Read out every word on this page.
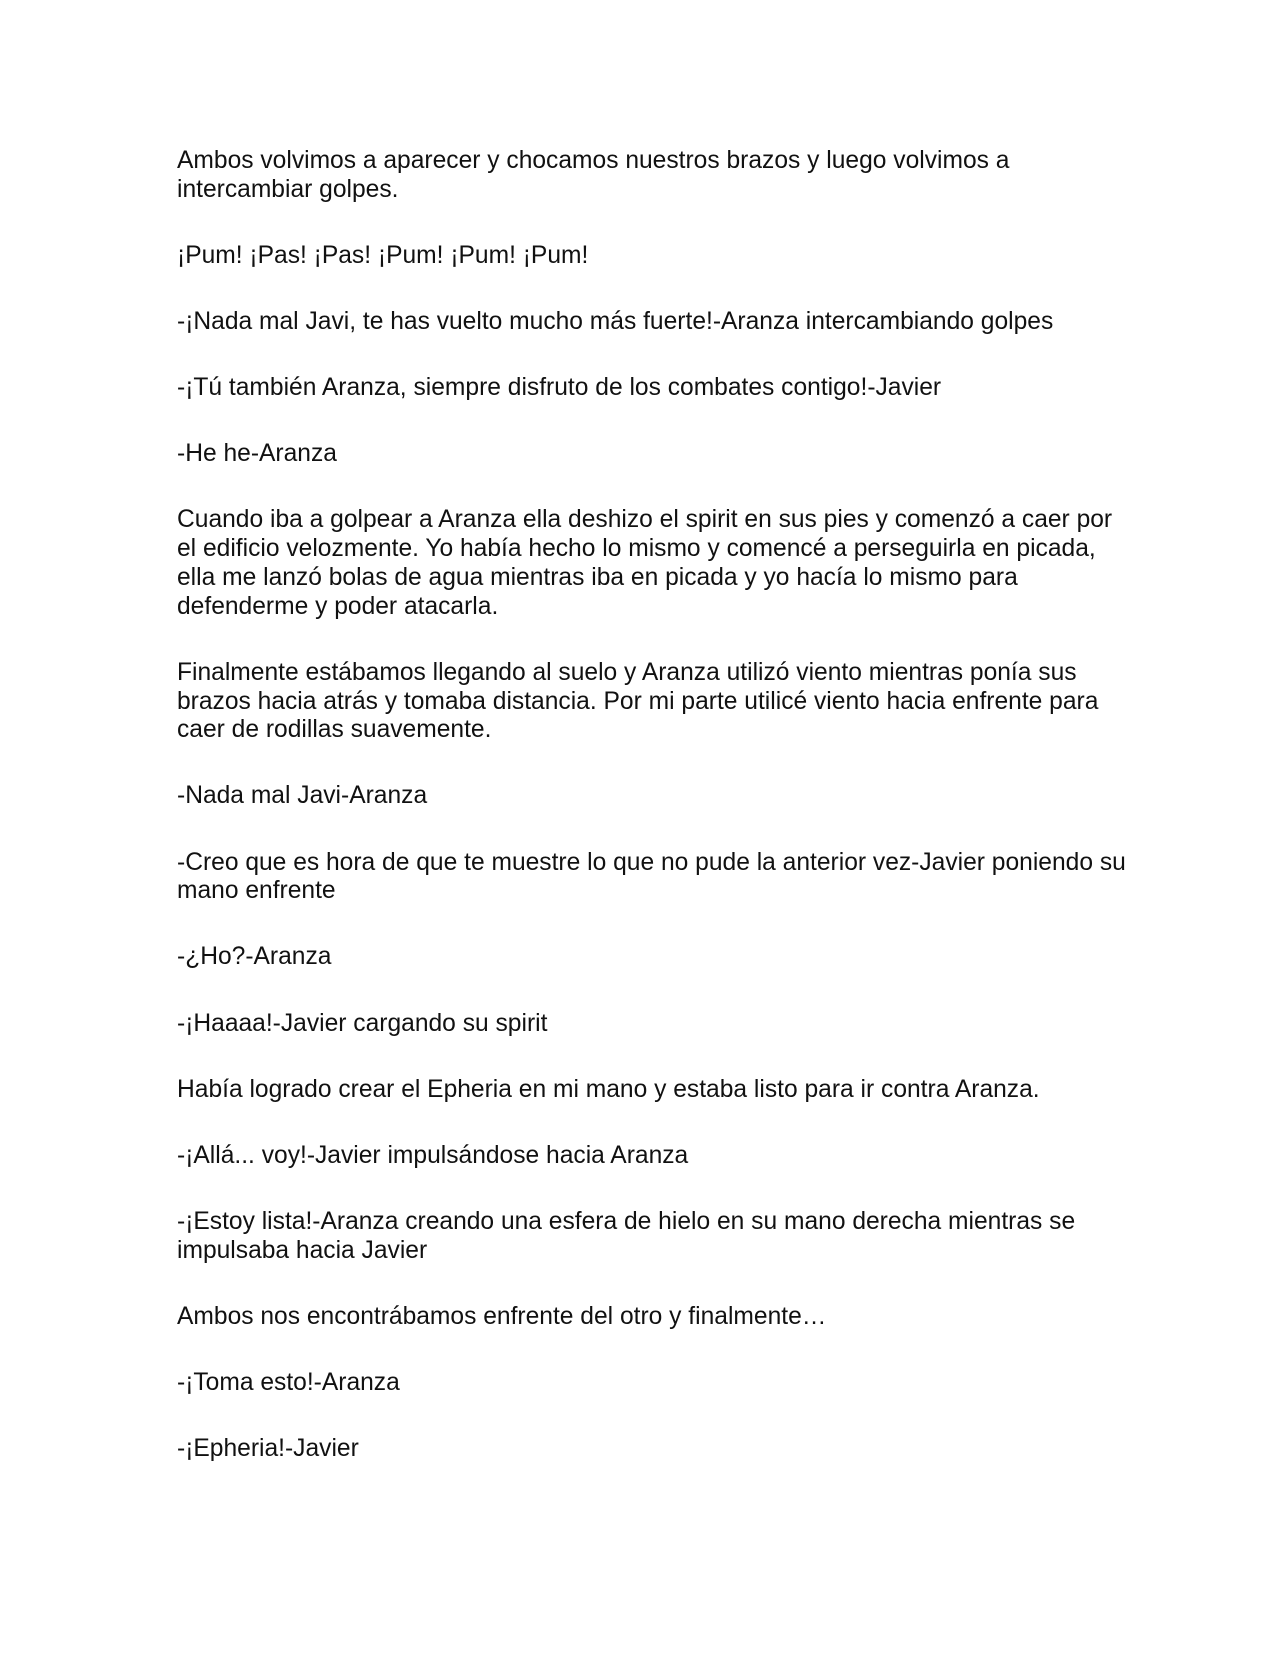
Ambos volvimos a aparecer y chocamos nuestros brazos y luego volvimos a intercambiar golpes.

¡Pum! ¡Pas! ¡Pas! ¡Pum! ¡Pum! ¡Pum!

-¡Nada mal Javi, te has vuelto mucho más fuerte!-Aranza intercambiando golpes

-¡Tú también Aranza, siempre disfruto de los combates contigo!-Javier

-He he-Aranza

Cuando iba a golpear a Aranza ella deshizo el spirit en sus pies y comenzó a caer por el edificio velozmente. Yo había hecho lo mismo y comencé a perseguirla en picada, ella me lanzó bolas de agua mientras iba en picada y yo hacía lo mismo para defenderme y poder atacarla.

Finalmente estábamos llegando al suelo y Aranza utilizó viento mientras ponía sus brazos hacia atrás y tomaba distancia. Por mi parte utilicé viento hacia enfrente para caer de rodillas suavemente.

-Nada mal Javi-Aranza

-Creo que es hora de que te muestre lo que no pude la anterior vez-Javier poniendo su mano enfrente

-¿Ho?-Aranza

-¡Haaaa!-Javier cargando su spirit

Había logrado crear el Epheria en mi mano y estaba listo para ir contra Aranza.

-¡Allá... voy!-Javier impulsándose hacia Aranza

-¡Estoy lista!-Aranza creando una esfera de hielo en su mano derecha mientras se impulsaba hacia Javier

Ambos nos encontrábamos enfrente del otro y finalmente…

-¡Toma esto!-Aranza

-¡Epheria!-Javier
